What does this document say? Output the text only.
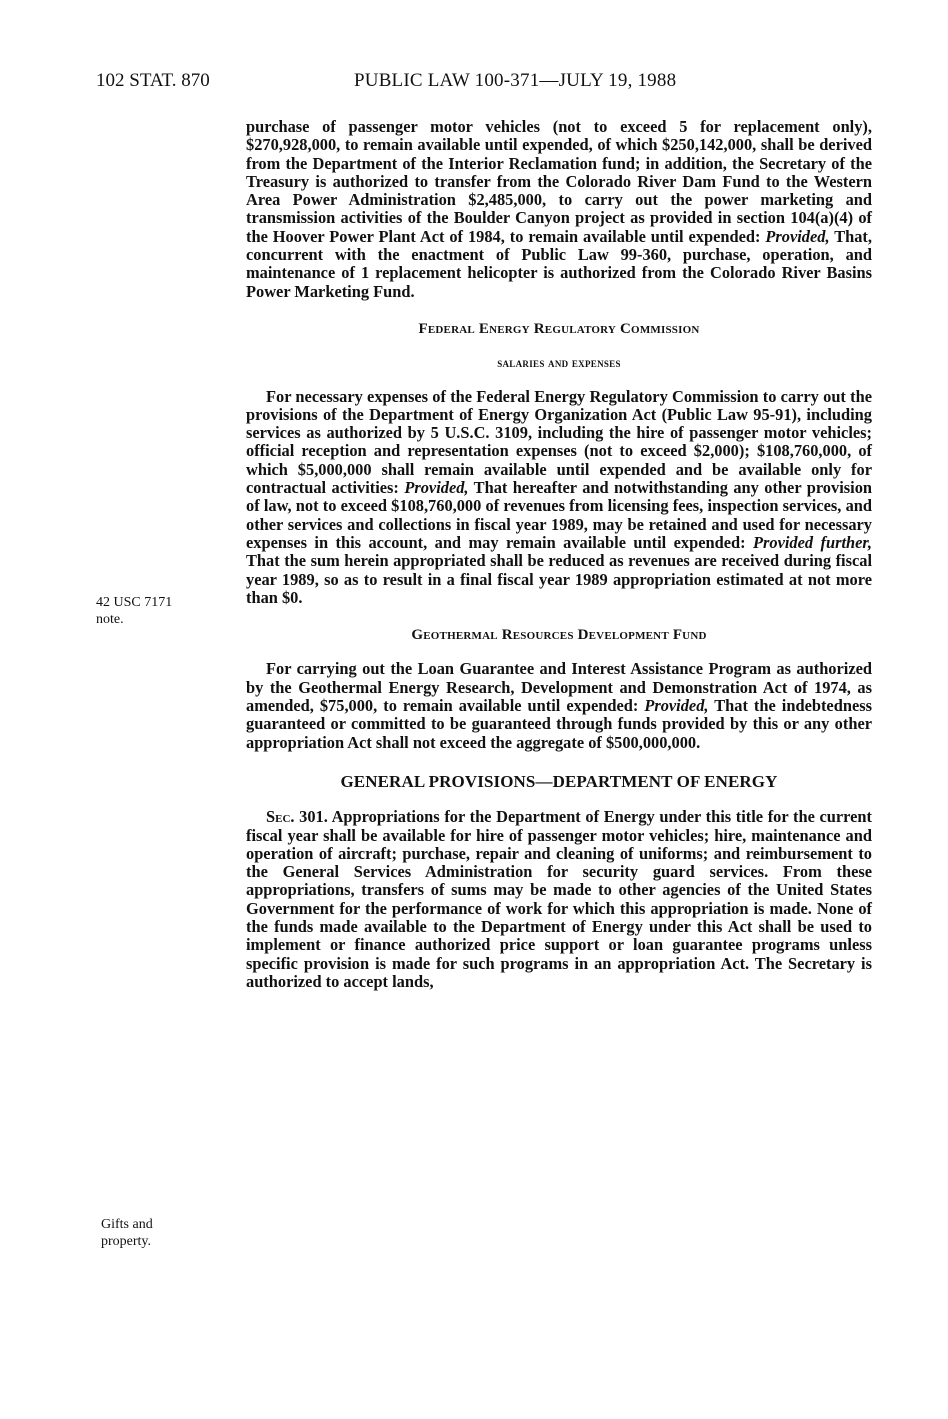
102 STAT. 870	PUBLIC LAW 100-371—JULY 19, 1988
42 USC 7171
note.
Gifts and
property.

purchase of passenger motor vehicles (not to exceed 5 for replacement only), $270,928,000, to remain available until expended, of which $250,142,000, shall be derived from the Department of the Interior Reclamation fund; in addition, the Secretary of the Treasury is authorized to transfer from the Colorado River Dam Fund to the Western Area Power Administration $2,485,000, to carry out the power marketing and transmission activities of the Boulder Canyon project as provided in section 104(a)(4) of the Hoover Power Plant Act of 1984, to remain available until expended: Provided, That, concurrent with the enactment of Public Law 99-360, purchase, operation, and maintenance of 1 replacement helicopter is authorized from the Colorado River Basins Power Marketing Fund.

Federal Energy Regulatory Commission

salaries and expenses

For necessary expenses of the Federal Energy Regulatory Commission to carry out the provisions of the Department of Energy Organization Act (Public Law 95-91), including services as authorized by 5 U.S.C. 3109, including the hire of passenger motor vehicles; official reception and representation expenses (not to exceed $2,000); $108,760,000, of which $5,000,000 shall remain available until expended and be available only for contractual activities: Provided, That hereafter and notwithstanding any other provision of law, not to exceed $108,760,000 of revenues from licensing fees, inspection services, and other services and collections in fiscal year 1989, may be retained and used for necessary expenses in this account, and may remain available until expended: Provided further, That the sum herein appropriated shall be reduced as revenues are received during fiscal year 1989, so as to result in a final fiscal year 1989 appropriation estimated at not more than $0.

Geothermal Resources Development Fund

For carrying out the Loan Guarantee and Interest Assistance Program as authorized by the Geothermal Energy Research, Development and Demonstration Act of 1974, as amended, $75,000, to remain available until expended: Provided, That the indebtedness guaranteed or committed to be guaranteed through funds provided by this or any other appropriation Act shall not exceed the aggregate of $500,000,000.

GENERAL PROVISIONS—DEPARTMENT OF ENERGY

Sec. 301. Appropriations for the Department of Energy under this title for the current fiscal year shall be available for hire of passenger motor vehicles; hire, maintenance and operation of aircraft; purchase, repair and cleaning of uniforms; and reimbursement to the General Services Administration for security guard services. From these appropriations, transfers of sums may be made to other agencies of the United States Government for the performance of work for which this appropriation is made. None of the funds made available to the Department of Energy under this Act shall be used to implement or finance authorized price support or loan guarantee programs unless specific provision is made for such programs in an appropriation Act. The Secretary is authorized to accept lands,
